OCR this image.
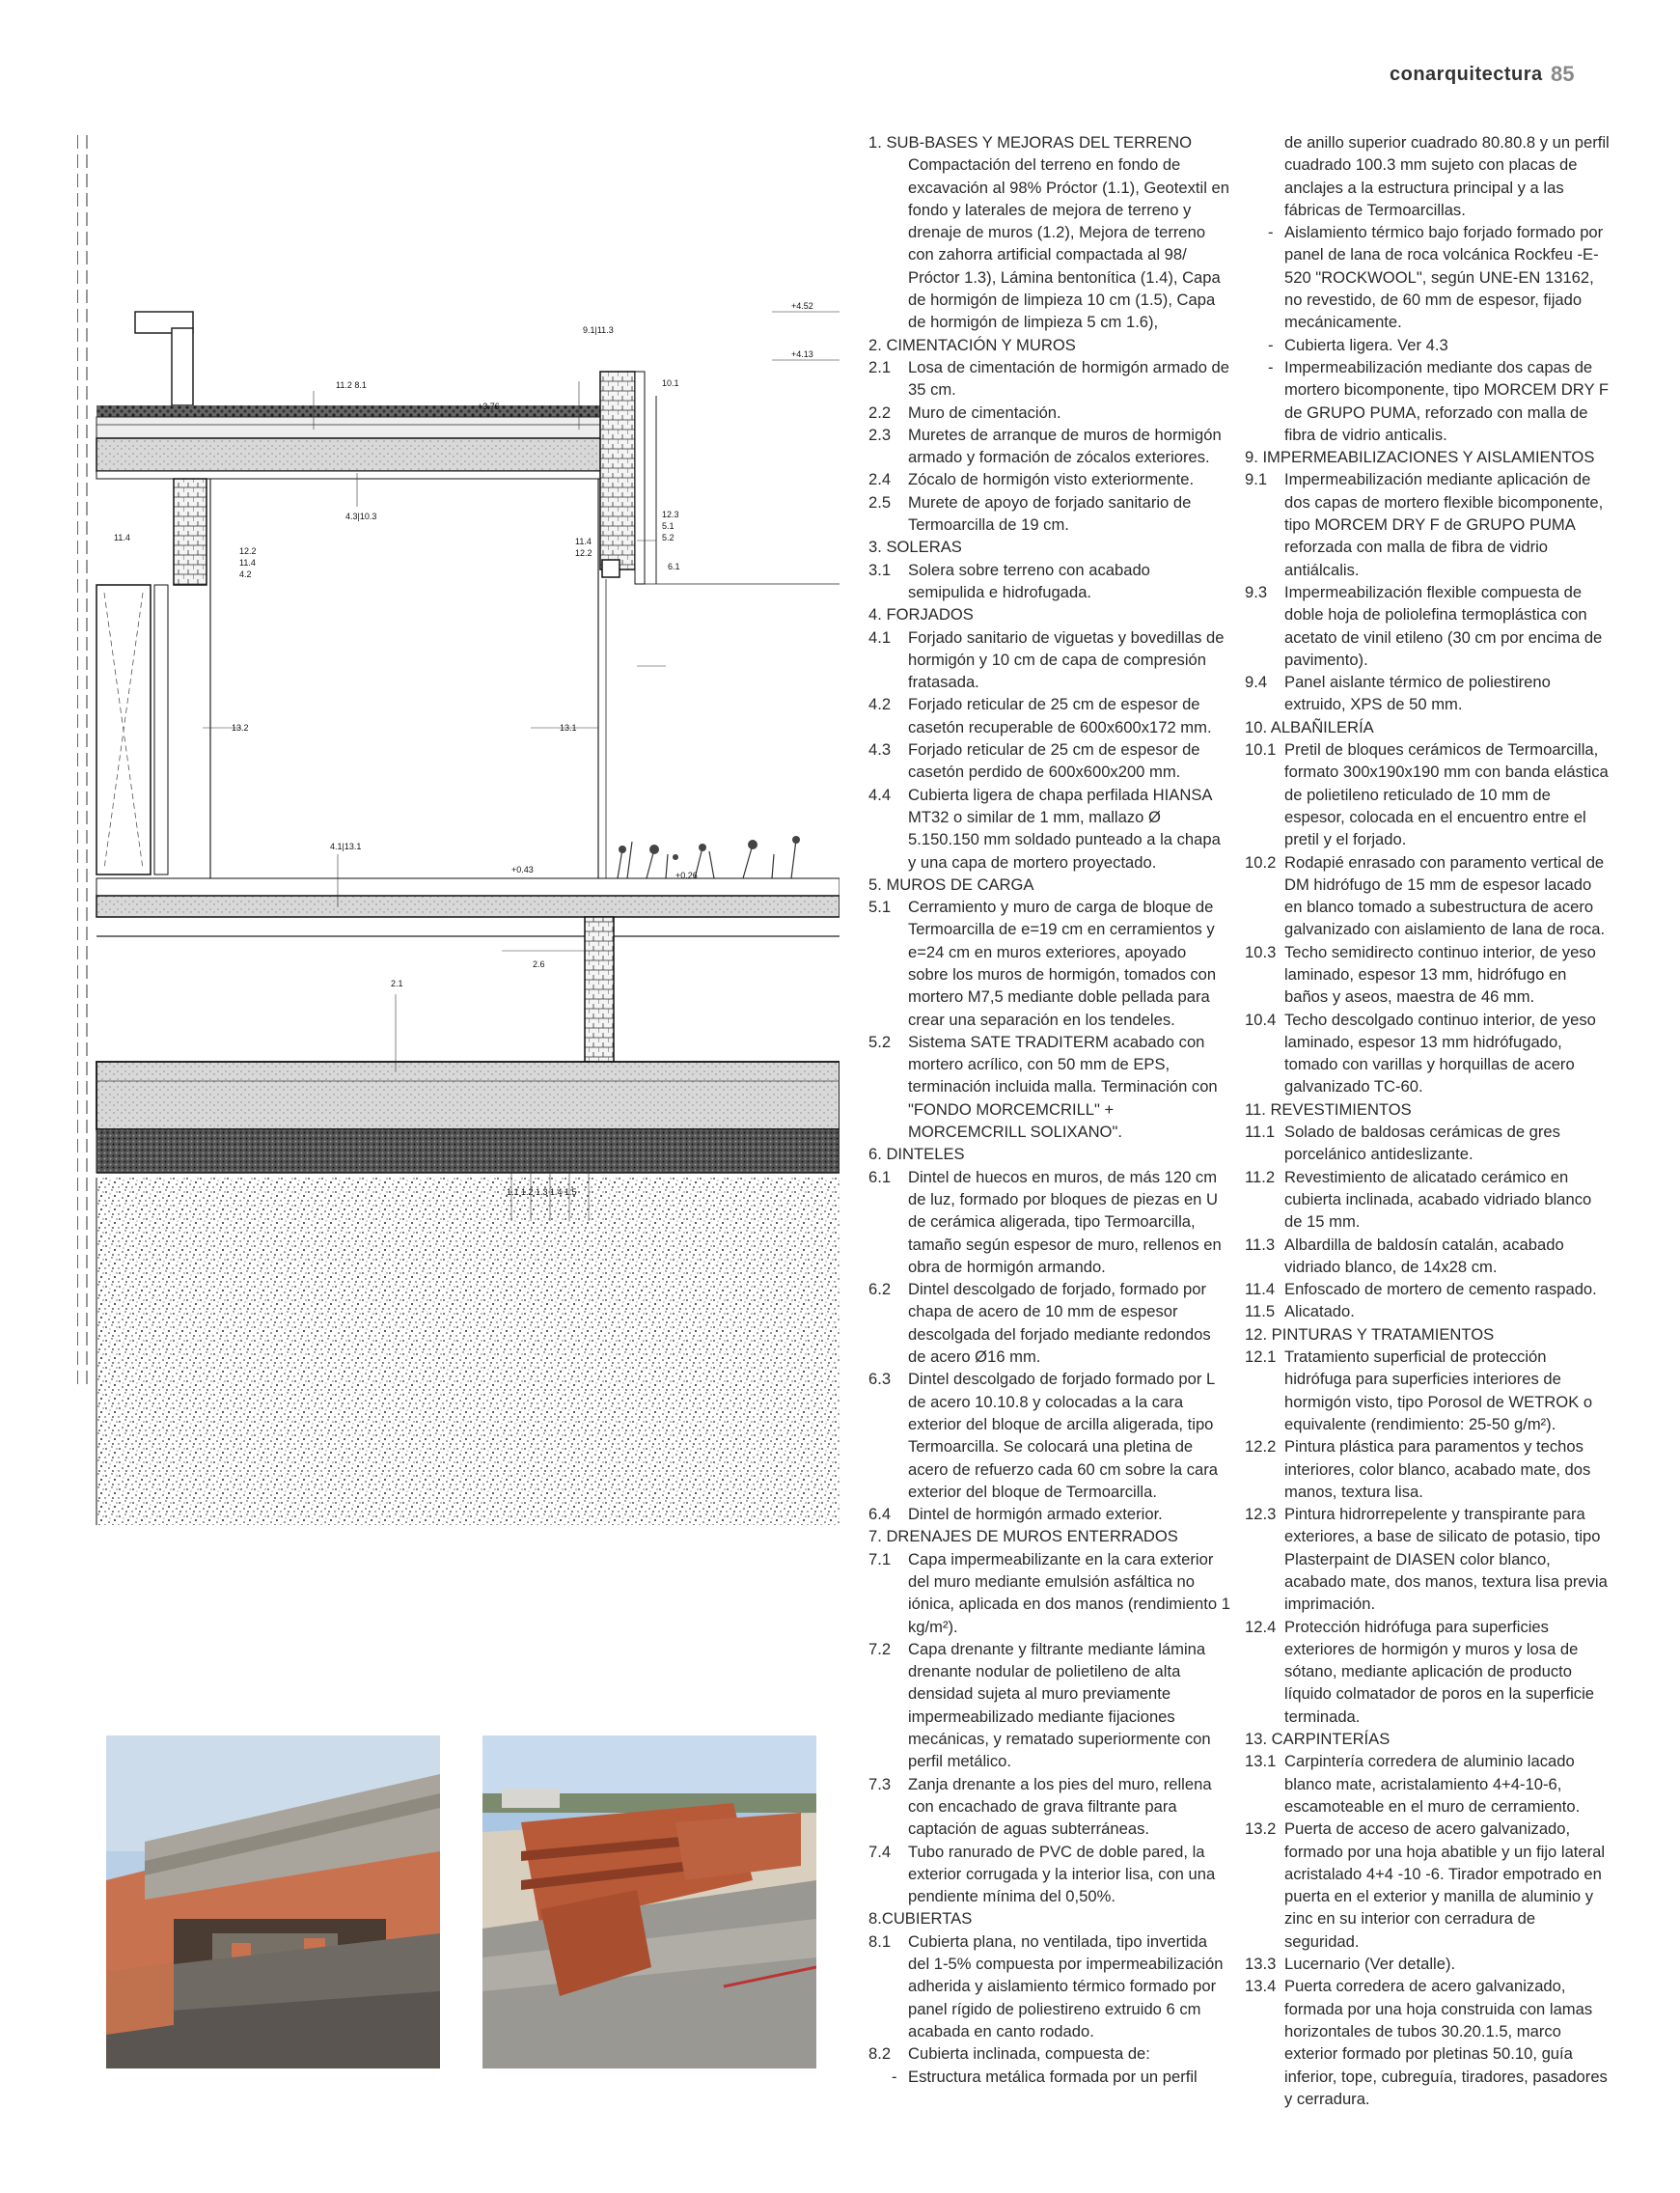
conarquitectura 85
9.1|11.3
+4.52
+4.13
11.2 8.1
+3.76
10.1
11.4
12.2
11.4
4.2
4.3|10.3	12.3
5.1
5.2
11.4
12.2
6.1
13.2	13.1
4.1|13.1
+0.43
+0.26
2.6
2.1
1.1 1.2 1.3 1.4 1.5
1. SUB-BASES Y MEJORAS DEL TERRENO
Compactación del terreno en fondo de excavación al 98% Próctor (1.1), Geotextil en fondo y laterales de mejora de terreno y drenaje de muros (1.2), Mejora de terreno con zahorra artificial compactada al 98/ Próctor 1.3), Lámina bentonítica (1.4), Capa de hormigón de limpieza 10 cm (1.5), Capa de hormigón de limpieza 5 cm 1.6),
2. CIMENTACIÓN Y MUROS
2.1 Losa de cimentación de hormigón armado de 35 cm.
2.2 Muro de cimentación.
2.3 Muretes de arranque de muros de hormigón armado y formación de zócalos exteriores.
2.4 Zócalo de hormigón visto exteriormente.
2.5 Murete de apoyo de forjado sanitario de Termoarcilla de 19 cm.
3. SOLERAS
3.1 Solera sobre terreno con acabado semipulida e hidrofugada.
4. FORJADOS
4.1 Forjado sanitario de viguetas y bovedillas de hormigón y 10 cm de capa de compresión fratasada.
4.2 Forjado reticular de 25 cm de espesor de casetón recuperable de 600x600x172 mm.
4.3 Forjado reticular de 25 cm de espesor de casetón perdido de 600x600x200 mm.
4.4 Cubierta ligera de chapa perfilada HIANSA MT32 o similar de 1 mm, mallazo Ø 5.150.150 mm soldado punteado a la chapa y una capa de mortero proyectado.
5. MUROS DE CARGA
5.1 Cerramiento y muro de carga de bloque de Termoarcilla de e=19 cm en cerramientos y e=24 cm en muros exteriores, apoyado sobre los muros de hormigón, tomados con mortero M7,5 mediante doble pellada para crear una separación en los tendeles.
5.2 Sistema SATE TRADITERM acabado con mortero acrílico, con 50 mm de EPS, terminación incluida malla. Terminación con "FONDO MORCEMCRILL" + MORCEMCRILL SOLIXANO".
6. DINTELES
6.1 Dintel de huecos en muros, de más 120 cm de luz, formado por bloques de piezas en U de cerámica aligerada, tipo Termoarcilla, tamaño según espesor de muro, rellenos en obra de hormigón armando.
6.2 Dintel descolgado de forjado, formado por chapa de acero de 10 mm de espesor descolgada del forjado mediante redondos de acero Ø16 mm.
6.3 Dintel descolgado de forjado formado por L de acero 10.10.8 y colocadas a la cara exterior del bloque de arcilla aligerada, tipo Termoarcilla. Se colocará una pletina de acero de refuerzo cada 60 cm sobre la cara exterior del bloque de Termoarcilla.
6.4 Dintel de hormigón armado exterior.
7. DRENAJES DE MUROS ENTERRADOS
7.1 Capa impermeabilizante en la cara exterior del muro mediante emulsión asfáltica no iónica, aplicada en dos manos (rendimiento 1 kg/m²).
7.2 Capa drenante y filtrante mediante lámina drenante nodular de polietileno de alta densidad sujeta al muro previamente impermeabilizado mediante fijaciones mecánicas, y rematado superiormente con perfil metálico.
7.3 Zanja drenante a los pies del muro, rellena con encachado de grava filtrante para captación de aguas subterráneas.
7.4 Tubo ranurado de PVC de doble pared, la exterior corrugada y la interior lisa, con una pendiente mínima del 0,50%.
8.CUBIERTAS
8.1 Cubierta plana, no ventilada, tipo invertida del 1-5% compuesta por impermeabilización adherida y aislamiento térmico formado por panel rígido de poliestireno extruido 6 cm acabada en canto rodado.
8.2 Cubierta inclinada, compuesta de:
- Estructura metálica formada por un perfil
de anillo superior cuadrado 80.80.8 y un perfil cuadrado 100.3 mm sujeto con placas de anclajes a la estructura principal y a las fábricas de Termoarcillas.
- Aislamiento térmico bajo forjado formado por panel de lana de roca volcánica Rockfeu -E- 520 "ROCKWOOL", según UNE-EN 13162, no revestido, de 60 mm de espesor, fijado mecánicamente.
- Cubierta ligera. Ver 4.3
- Impermeabilización mediante dos capas de mortero bicomponente, tipo MORCEM DRY F de GRUPO PUMA, reforzado con malla de fibra de vidrio anticalis.
9. IMPERMEABILIZACIONES Y AISLAMIENTOS
9.1 Impermeabilización mediante aplicación de dos capas de mortero flexible bicomponente, tipo MORCEM DRY F de GRUPO PUMA reforzada con malla de fibra de vidrio antiálcalis.
9.3 Impermeabilización flexible compuesta de doble hoja de poliolefina termoplástica con acetato de vinil etileno (30 cm por encima de pavimento).
9.4 Panel aislante térmico de poliestireno extruido, XPS de 50 mm.
10. ALBAÑILERÍA
10.1 Pretil de bloques cerámicos de Termoarcilla, formato 300x190x190 mm con banda elástica de polietileno reticulado de 10 mm de espesor, colocada en el encuentro entre el pretil y el forjado.
10.2 Rodapié enrasado con paramento vertical de DM hidrófugo de 15 mm de espesor lacado en blanco tomado a subestructura de acero galvanizado con aislamiento de lana de roca.
10.3 Techo semidirecto continuo interior, de yeso laminado, espesor 13 mm, hidrófugo en baños y aseos, maestra de 46 mm.
10.4 Techo descolgado continuo interior, de yeso laminado, espesor 13 mm hidrófugado, tomado con varillas y horquillas de acero galvanizado TC-60.
11. REVESTIMIENTOS
11.1 Solado de baldosas cerámicas de gres porcelánico antideslizante.
11.2 Revestimiento de alicatado cerámico en cubierta inclinada, acabado vidriado blanco de 15 mm.
11.3 Albardilla de baldosín catalán, acabado vidriado blanco, de 14x28 cm.
11.4 Enfoscado de mortero de cemento raspado.
11.5 Alicatado.
12. PINTURAS Y TRATAMIENTOS
12.1 Tratamiento superficial de protección hidrófuga para superficies interiores de hormigón visto, tipo Porosol de WETROK o equivalente (rendimiento: 25-50 g/m²).
12.2 Pintura plástica para paramentos y techos interiores, color blanco, acabado mate, dos manos, textura lisa.
12.3 Pintura hidrorrepelente y transpirante para exteriores, a base de silicato de potasio, tipo Plasterpaint de DIASEN color blanco, acabado mate, dos manos, textura lisa previa imprimación.
12.4 Protección hidrófuga para superficies exteriores de hormigón y muros y losa de sótano, mediante aplicación de producto líquido colmatador de poros en la superficie terminada.
13. CARPINTERÍAS
13.1 Carpintería corredera de aluminio lacado blanco mate, acristalamiento 4+4-10-6, escamoteable en el muro de cerramiento.
13.2 Puerta de acceso de acero galvanizado, formado por una hoja abatible y un fijo lateral acristalado 4+4 -10 -6. Tirador empotrado en puerta en el exterior y manilla de aluminio y zinc en su interior con cerradura de seguridad.
13.3 Lucernario (Ver detalle).
13.4 Puerta corredera de acero galvanizado, formada por una hoja construida con lamas horizontales de tubos 30.20.1.5, marco exterior formado por pletinas 50.10, guía inferior, tope, cubreguía, tiradores, pasadores y cerradura.
